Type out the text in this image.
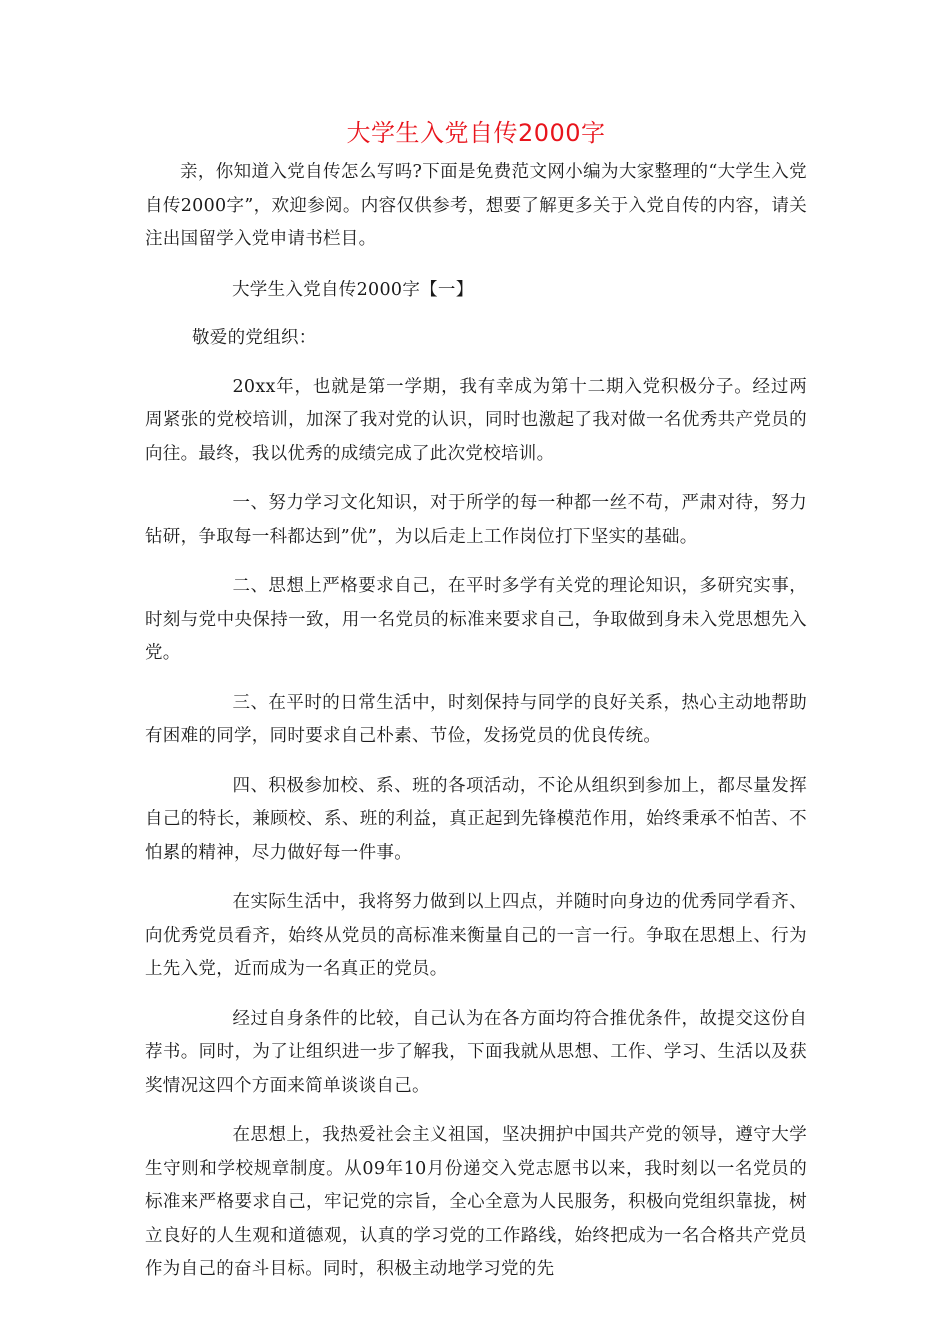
大学生入党自传2000字

亲，你知道入党自传怎么写吗?下面是免费范文网小编为大家整理的“大学生入党自传2000字”，欢迎参阅。内容仅供参考，想要了解更多关于入党自传的内容，请关注出国留学入党申请书栏目。

大学生入党自传2000字【一】

敬爱的党组织：

20xx年，也就是第一学期，我有幸成为第十二期入党积极分子。经过两周紧张的党校培训，加深了我对党的认识，同时也激起了我对做一名优秀共产党员的向往。最终，我以优秀的成绩完成了此次党校培训。

一、努力学习文化知识，对于所学的每一种都一丝不苟，严肃对待，努力钻研，争取每一科都达到”优”，为以后走上工作岗位打下坚实的基础。

二、思想上严格要求自己，在平时多学有关党的理论知识，多研究实事，时刻与党中央保持一致，用一名党员的标准来要求自己，争取做到身未入党思想先入党。

三、在平时的日常生活中，时刻保持与同学的良好关系，热心主动地帮助有困难的同学，同时要求自己朴素、节俭，发扬党员的优良传统。

四、积极参加校、系、班的各项活动，不论从组织到参加上，都尽量发挥自己的特长，兼顾校、系、班的利益，真正起到先锋模范作用，始终秉承不怕苦、不怕累的精神，尽力做好每一件事。

在实际生活中，我将努力做到以上四点，并随时向身边的优秀同学看齐、向优秀党员看齐，始终从党员的高标准来衡量自己的一言一行。争取在思想上、行为上先入党，近而成为一名真正的党员。

经过自身条件的比较，自己认为在各方面均符合推优条件，故提交这份自荐书。同时，为了让组织进一步了解我，下面我就从思想、工作、学习、生活以及获奖情况这四个方面来简单谈谈自己。

在思想上，我热爱社会主义祖国，坚决拥护中国共产党的领导，遵守大学生守则和学校规章制度。从09年10月份递交入党志愿书以来，我时刻以一名党员的标准来严格要求自己，牢记党的宗旨，全心全意为人民服务，积极向党组织靠拢，树立良好的人生观和道德观，认真的学习党的工作路线，始终把成为一名合格共产党员作为自己的奋斗目标。同时，积极主动地学习党的先
